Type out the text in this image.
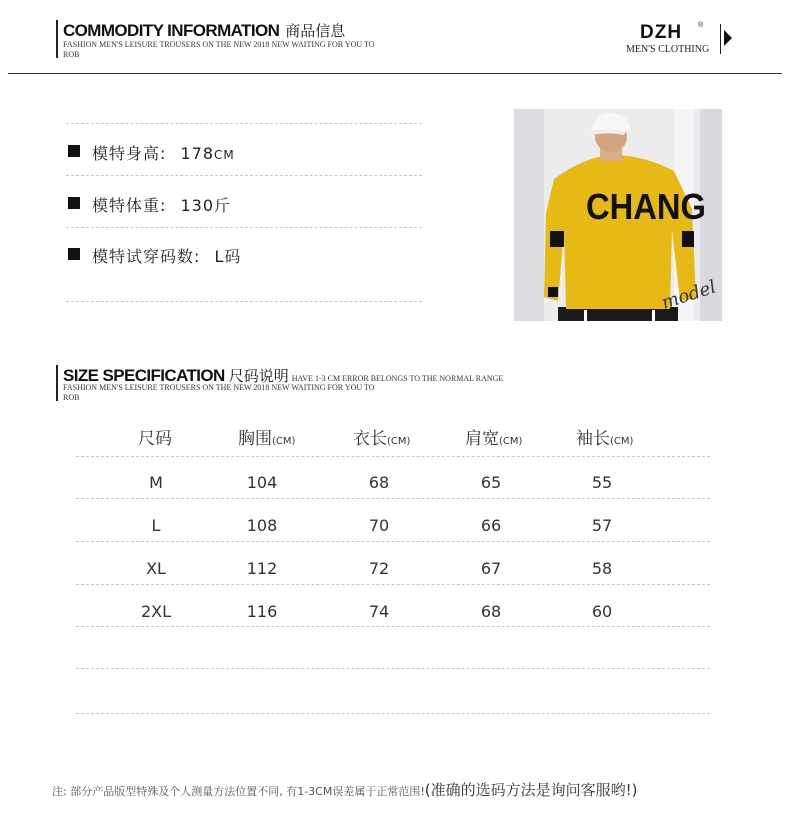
COMMODITY INFORMATION 商品信息
FASHION MEN'S LEISURE TROUSERS ON THE NEW 2018 NEW WAITING FOR YOU TO ROB
DZH ®
MEN'S CLOTHING
模特身高: 178CM
模特体重: 130斤
模特试穿码数: L码
CHANG
model
SIZE SPECIFICATION 尺码说明 HAVE 1-3 CM ERROR BELONGS TO THE NORMAL RANGE
FASHION MEN'S LEISURE TROUSERS ON THE NEW 2018 NEW WAITING FOR YOU TO ROB
尺码	胸围(CM)	衣长(CM)	肩宽(CM)	袖长(CM)
M	104	68	65	55
L	108	70	66	57
XL	112	72	67	58
2XL	116	74	68	60
注: 部分产品版型特殊及个人测量方法位置不同, 有1-3CM误差属于正常范围!(准确的选码方法是询问客服哟!)
